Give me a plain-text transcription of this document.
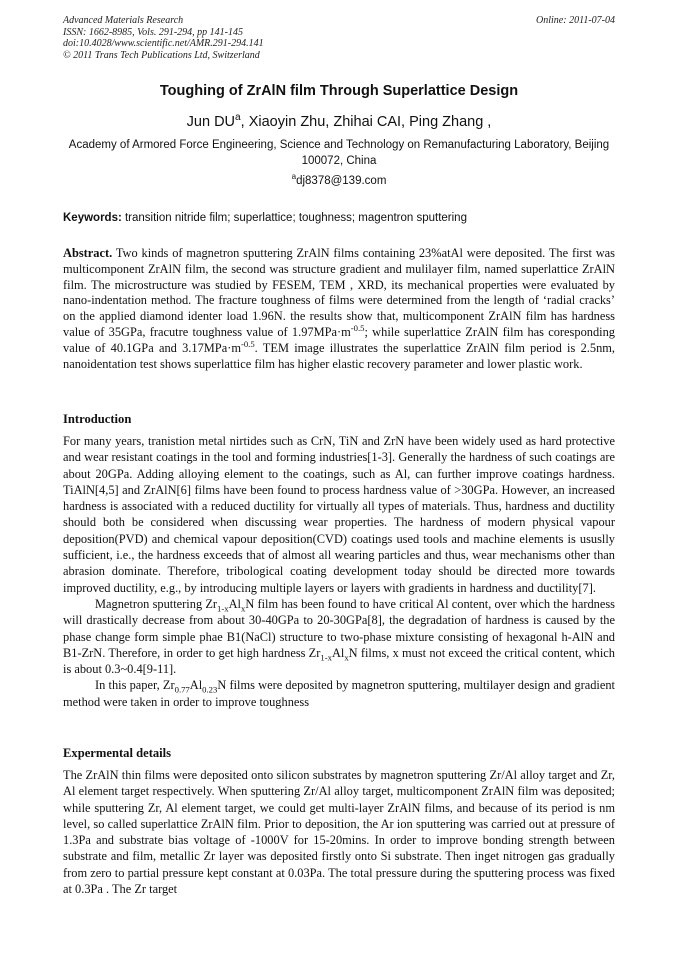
Advanced Materials Research
ISSN: 1662-8985, Vols. 291-294, pp 141-145
doi:10.4028/www.scientific.net/AMR.291-294.141
© 2011 Trans Tech Publications Ltd, Switzerland
Online: 2011-07-04
Toughing of ZrAlN film Through Superlattice Design
Jun $DU^a$, Xiaoyin Zhu, Zhihai CAI, Ping Zhang ,
Academy of Armored Force Engineering, Science and Technology on Remanufacturing Laboratory, Beijing 100072, China
$^a$dj8378@139.com
Keywords: transition nitride film; superlattice; toughness; magentron sputtering
Abstract. Two kinds of magnetron sputtering ZrAlN films containing 23%atAl were deposited. The first was multicomponent ZrAlN film, the second was structure gradient and mulilayer film, named superlattice ZrAlN film. The microstructure was studied by FESEM, TEM , XRD, its mechanical properties were evaluated by nano-indentation method. The fracture toughness of films were determined from the length of ‘radial cracks’ on the applied diamond identer load 1.96N. the results show that, multicomponent ZrAlN film has hardness value of 35GPa, fracutre toughness value of $1.97MPa\cdot m^{-0.5}$; while superlattice ZrAlN film has coresponding value of 40.1GPa and $3.17MPa\cdot m^{-0.5}$. TEM image illustrates the superlattice ZrAlN film period is 2.5nm, nanoidentation test shows superlattice film has higher elastic recovery parameter and lower plastic work.
Introduction

For many years, tranistion metal nirtides such as CrN, TiN and ZrN have been widely used as hard protective and wear resistant coatings in the tool and forming industries[1-3]. Generally the hardness of such coatings are about 20GPa. Adding alloying element to the coatings, such as Al, can further improve coatings hardness. TiAlN[4,5] and ZrAlN[6] films have been found to process hardness value of >30GPa. However, an increased hardness is associated with a reduced ductility for virtually all types of materials. Thus, hardness and ductility should both be considered when discussing wear properties. The hardness of modern physical vapour deposition(PVD) and chemical vapour deposition(CVD) coatings used tools and machine elements is ususlly sufficient, i.e., the hardness exceeds that of almost all wearing particles and thus, wear mechanisms other than abrasion dominate. Therefore, tribological coating development today should be directed more towards improved ductility, e.g., by introducing multiple layers or layers with gradients in hardness and ductility[7].

Magnetron sputtering $Zr_{1-x}Al_xN$ film has been found to have critical Al content, over which the hardness will drastically decrease from about 30-40GPa to 20-30GPa[8], the degradation of hardness is caused by the phase change form simple phae B1(NaCl) structure to two-phase mixture consisting of hexagonal h-AlN and B1-ZrN. Therefore, in order to get high hardness $Zr_{1-x}Al_xN$ films, x must not exceed the critical content, which is about 0.3~0.4[9-11].

In this paper, $Zr_{0.77}Al_{0.23}N$ films were deposited by magnetron sputtering, multilayer design and gradient method were taken in order to improve toughness

Expermental details
The ZrAlN thin films were deposited onto silicon substrates by magnetron sputtering Zr/Al alloy target and Zr, Al element target respectively. When sputtering Zr/Al alloy target, multicomponent ZrAlN film was deposited; while sputtering Zr, Al element target, we could get multi-layer ZrAlN films, and because of its period is nm level, so called superlattice ZrAlN film. Prior to deposition, the Ar ion sputtering was carried out at pressure of 1.3Pa and substrate bias voltage of -1000V for 15-20mins. In order to improve bonding strength between substrate and film, metallic Zr layer was deposited firstly onto Si substrate. Then inget nitrogen gas gradually from zero to partial pressure kept constant at 0.03Pa. The total pressure during the sputtering process was fixed at 0.3Pa . The Zr target
